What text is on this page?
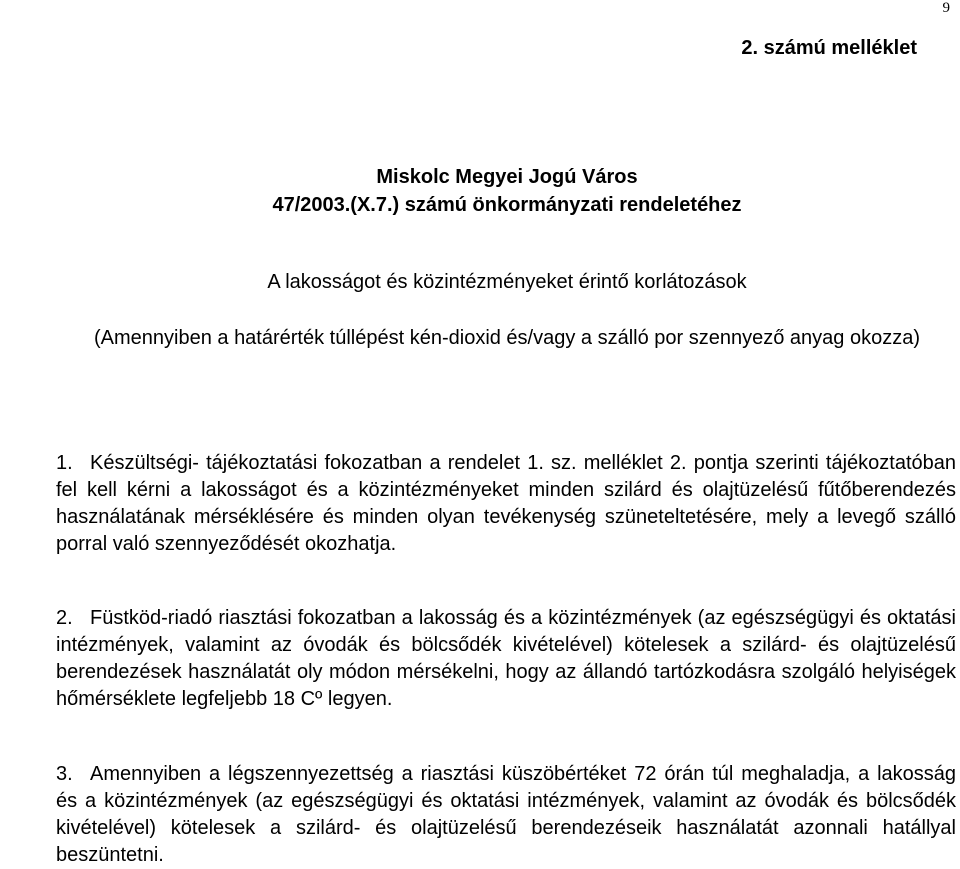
9
2. számú melléklet
Miskolc Megyei Jogú Város
47/2003.(X.7.) számú önkormányzati rendeletéhez
A lakosságot és közintézményeket érintő korlátozások
(Amennyiben a határérték túllépést kén-dioxid és/vagy a szálló por szennyező anyag okozza)
1. Készültségi- tájékoztatási fokozatban a rendelet 1. sz. melléklet 2. pontja szerinti tájékoztatóban fel kell kérni a lakosságot és a közintézményeket minden szilárd és olajtüzelésű fűtőberendezés használatának mérséklésére és minden olyan tevékenység szüneteltetésére, mely a levegő szálló porral való szennyeződését okozhatja.
2. Füstköd-riadó riasztási fokozatban a lakosság és a közintézmények (az egészségügyi és oktatási intézmények, valamint az óvodák és bölcsődék kivételével) kötelesek a szilárd- és olajtüzelésű berendezések használatát oly módon mérsékelni, hogy az állandó tartózkodásra szolgáló helyiségek hőmérséklete legfeljebb 18 Cº legyen.
3. Amennyiben a légszennyezettség a riasztási küszöbértéket 72 órán túl meghaladja, a lakosság és a közintézmények (az egészségügyi és oktatási intézmények, valamint az óvodák és bölcsődék kivételével) kötelesek a szilárd- és olajtüzelésű berendezéseik használatát azonnali hatállyal beszüntetni.
